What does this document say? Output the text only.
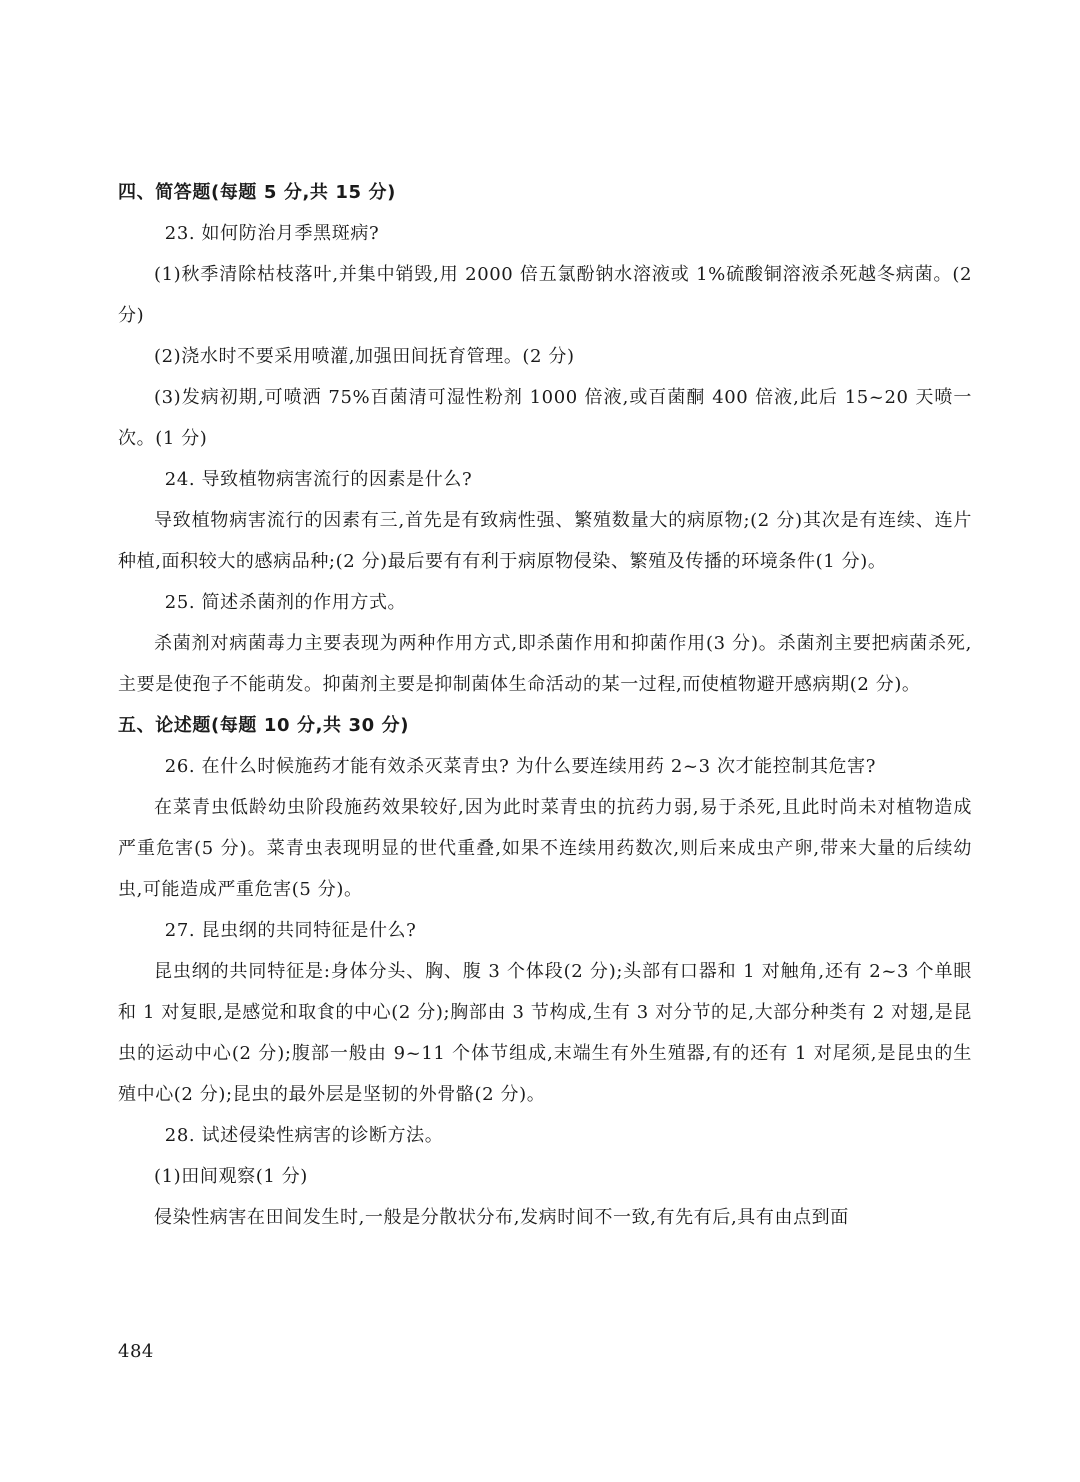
四、简答题(每题 5 分,共 15 分)

23. 如何防治月季黑斑病?

(1)秋季清除枯枝落叶,并集中销毁,用 2000 倍五氯酚钠水溶液或 1%硫酸铜溶液杀死越冬病菌。(2 分)

(2)浇水时不要采用喷灌,加强田间抚育管理。(2 分)

(3)发病初期,可喷洒 75%百菌清可湿性粉剂 1000 倍液,或百菌酮 400 倍液,此后 15~20 天喷一次。(1 分)

24. 导致植物病害流行的因素是什么?

导致植物病害流行的因素有三,首先是有致病性强、繁殖数量大的病原物;(2 分)其次是有连续、连片种植,面积较大的感病品种;(2 分)最后要有有利于病原物侵染、繁殖及传播的环境条件(1 分)。

25. 简述杀菌剂的作用方式。

杀菌剂对病菌毒力主要表现为两种作用方式,即杀菌作用和抑菌作用(3 分)。杀菌剂主要把病菌杀死,主要是使孢子不能萌发。抑菌剂主要是抑制菌体生命活动的某一过程,而使植物避开感病期(2 分)。

五、论述题(每题 10 分,共 30 分)

26. 在什么时候施药才能有效杀灭菜青虫? 为什么要连续用药 2~3 次才能控制其危害?

在菜青虫低龄幼虫阶段施药效果较好,因为此时菜青虫的抗药力弱,易于杀死,且此时尚未对植物造成严重危害(5 分)。菜青虫表现明显的世代重叠,如果不连续用药数次,则后来成虫产卵,带来大量的后续幼虫,可能造成严重危害(5 分)。

27. 昆虫纲的共同特征是什么?

昆虫纲的共同特征是:身体分头、胸、腹 3 个体段(2 分);头部有口器和 1 对触角,还有 2~3 个单眼和 1 对复眼,是感觉和取食的中心(2 分);胸部由 3 节构成,生有 3 对分节的足,大部分种类有 2 对翅,是昆虫的运动中心(2 分);腹部一般由 9~11 个体节组成,末端生有外生殖器,有的还有 1 对尾须,是昆虫的生殖中心(2 分);昆虫的最外层是坚韧的外骨骼(2 分)。

28. 试述侵染性病害的诊断方法。

(1)田间观察(1 分)

侵染性病害在田间发生时,一般是分散状分布,发病时间不一致,有先有后,具有由点到面

484
